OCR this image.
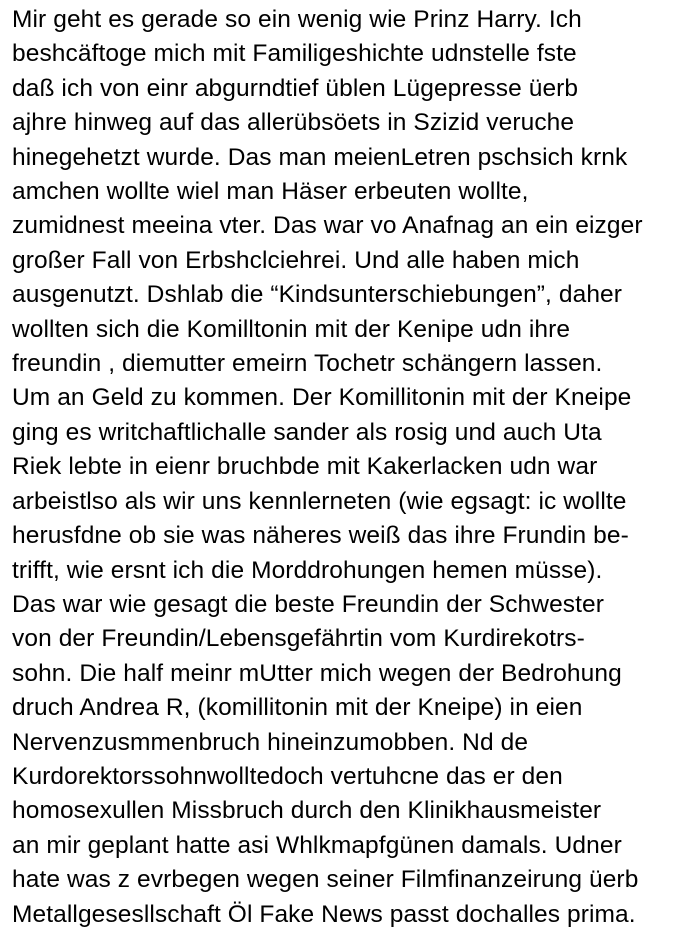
Mir geht es gerade so ein wenig wie Prinz Harry. Ich
beshcäftoge mich mit Familigeshichte udnstelle fste
daß ich von einr abgurndtief üblen Lügepresse üerb
ajhre hinweg auf das allerübsöets in Szizid veruche
hinegehetzt wurde. Das man meienLetren pschsich krnk
amchen wollte wiel man Häser erbeuten wollte,
zumidnest meeina vter. Das war vo Anafnag an ein eizger
großer Fall von Erbshclciehrei. Und alle haben mich
ausgenutzt. Dshlab die “Kindsunterschiebungen”, daher
wollten sich die Komilltonin mit der Kenipe udn ihre
freundin , diemutter emeirn Tochetr schängern lassen.
Um an Geld zu kommen. Der Komillitonin mit der Kneipe
ging es writchaftlichalle sander als rosig und auch Uta
Riek lebte in eienr bruchbde mit Kakerlacken udn war
arbeistlso als wir uns kennlerneten (wie egsagt: ic wollte
herusfdne ob sie was näheres weiß das ihre Frundin be-
trifft, wie ersnt ich die Morddrohungen hemen müsse).
Das war wie gesagt die beste Freundin der Schwester
von der Freundin/Lebensgefährtin vom Kurdirekotrs-
sohn. Die half meinr mUtter mich wegen der Bedrohung
druch Andrea R, (komillitonin mit der Kneipe) in eien
Nervenzusmmenbruch hineinzumobben. Nd de
Kurdorektorssohnwolltedoch vertuhcne das er den
homosexullen Missbruch durch den Klinikhausmeister
an mir geplant hatte asi Whlkmapfgünen damals. Udner
hate was z evrbegen wegen seiner Filmfinanzeirung üerb
Metallgesesllschaft Öl Fake News passt dochalles prima.
